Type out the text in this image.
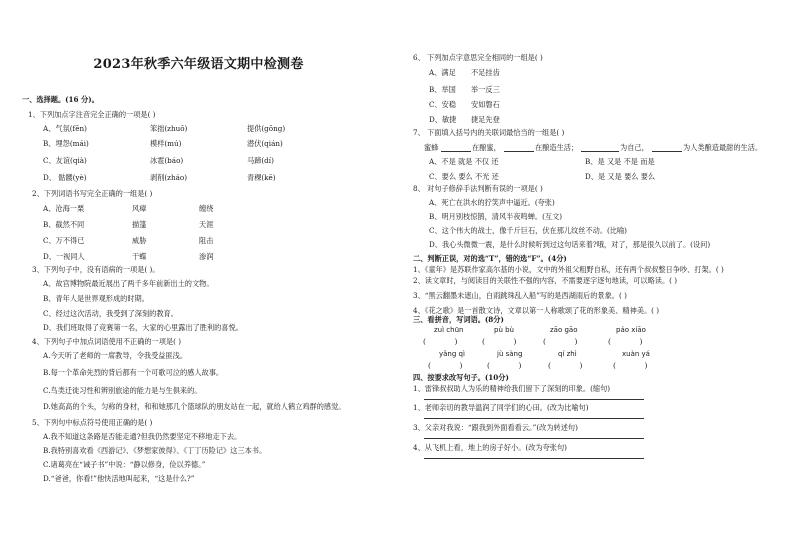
2023年秋季六年级语文期中检测卷
一、选择题。(16 分)。
1、下列加点字注音完全正确的一项是( )
A、气氛(fēn)	笨拙(zhuō)	提供(gōng)
B、埋怨(mái)	模样(mú)	潜伏(qián)
C、友谊(qià)	冰雹(báo)	马蹄(dí)
D、 骷髅(yè)	剥削(zháo)	青稞(kē)
2、下列词语书写完全正确的一组是( )
A、沧海一栗	风瘴	缠绕
B、截然不同	描篷	天涯
C、万不得已	威胁	阻击
D、一视同人	干蝶	渗润
3、下列句子中，没有语病的一项是( )。
A、故宫博物院最近展出了两千多年前新出土的文物。
B、青年人是世界观形成的时期。
C、经过这次活动，我受到了深刻的教育。
D、我们班取得了竞赛第一名，大家的心里露出了胜利的喜悦。
4、下列句子中加点词语使用不正确的一项是( )
A.今天听了老师的一席教导，令我受益匪浅。
B.每一个革命先烈的背后都有一个可歌可泣的感人故事。
C.鸟类迁徙习性和辨别旅途的能力是与生俱来的。
D.她高高的个头，匀称的身材，和和她那几个篮球队的朋友站在一起，就给人鹤立鸡群的感觉。
5、下列句中标点符号使用正确的是( )
A.我不知道这条路是否能走通?但我仍然要坚定不移地走下去。
B.我特别喜欢看《西游记》、《梦想家彼得》、《丁丁历险记》这三本书。
C.诸葛亮在“诫子书”中说：“静以修身，俭以养德。”
D.“爸爸，你看!”他快活地叫起来，“这是什么?”
6、 下列加点字意思完全相同的一组是( )
A、满足 不足挂齿
B、举国 举一反三
C、安稳 安如磐石
D、敏捷 捷足先登
7、 下面填入括号内的关联词最恰当的一组是( )
蜜蜂	在酿蜜，	在酿造生活；	为自己，	为人类酿造最甜的生活。
A、不是 就是 不仅 还	B、是 又是 不是 而是
C、要么 要么 不光 还	D、是 又是 要么 要么
8、 对句子修辞手法判断有误的一项是( )
A、死亡在洪水的狞笑声中逼近。(夸张)
B、明月别枝惊鹊，清风半夜鸣蝉。(互文)
C、这个伟大的战士，像千斤巨石，伏在那儿纹丝不动。(比喻)
D、我心头微微一震，是什么时候听到过这句话来着?哦，对了，那是很久以前了。(设问)
二、判断正误，对的选“T”，错的选“F”。(4分)
1、《童年》是苏联作家高尔基的小说，文中的外祖父粗野自私，还有两个叔叔整日争吵、打架。( )
2、读文章时，与阅读目的关联性不强的内容，不需要逐字逐句地读，可以略读。( )
3、“黑云翻墨未遮山，白雨跳珠乱入船”写的是西湖雨后的景象。( )
4、《花之歌》是一首散文诗，文章以第一人称歌颂了花的形象美、精神美。( )
三、看拼音，写词语。(8分)
zuì chūn	pù bù	zāo gāo	páo xiāo
(            )	(            )	(            )	(            )
yǎng qì	jù sàng	qí zhì	xuàn yá
(            )	(            )	(            )	(            )
四、按要求改写句子。(10分)
1、雷锋叔叔助人为乐的精神给我们留下了深刻的印象。(缩句)
1、老师亲切的教导温润了同学们的心田。(改为比喻句)
3、父亲对我说：“跟我到外面看看云。”(改为转述句)
4、从飞机上看，地上的房子好小。(改为夸张句)
